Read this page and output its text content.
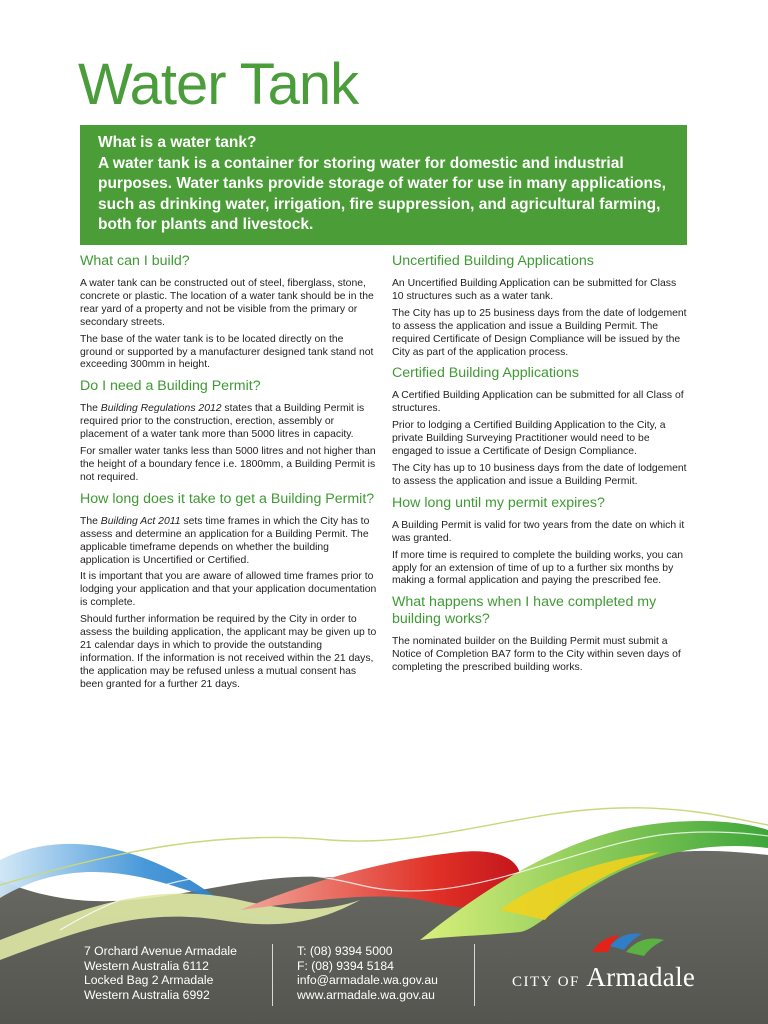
Water Tank

What is a water tank?

A water tank is a container for storing water for domestic and industrial purposes. Water tanks provide storage of water for use in many applications, such as drinking water, irrigation, fire suppression, and agricultural farming, both for plants and livestock.

What can I build?

A water tank can be constructed out of steel, fiberglass, stone, concrete or plastic. The location of a water tank should be in the rear yard of a property and not be visible from the primary or secondary streets.

The base of the water tank is to be located directly on the ground or supported by a manufacturer designed tank stand not exceeding 300mm in height.

Do I need a Building Permit?

The Building Regulations 2012 states that a Building Permit is required prior to the construction, erection, assembly or placement of a water tank more than 5000 litres in capacity.

For smaller water tanks less than 5000 litres and not higher than the height of a boundary fence i.e. 1800mm, a Building Permit is not required.

How long does it take to get a Building Permit?

The Building Act 2011 sets time frames in which the City has to assess and determine an application for a Building Permit. The applicable timeframe depends on whether the building application is Uncertified or Certified.

It is important that you are aware of allowed time frames prior to lodging your application and that your application documentation is complete.

Should further information be required by the City in order to assess the building application, the applicant may be given up to 21 calendar days in which to provide the outstanding information. If the information is not received within the 21 days, the application may be refused unless a mutual consent has been granted for a further 21 days.

Uncertified Building Applications

An Uncertified Building Application can be submitted for Class 10 structures such as a water tank.

The City has up to 25 business days from the date of lodgement to assess the application and issue a Building Permit. The required Certificate of Design Compliance will be issued by the City as part of the application process.

Certified Building Applications

A Certified Building Application can be submitted for all Class of structures.

Prior to lodging a Certified Building Application to the City, a private Building Surveying Practitioner would need to be engaged to issue a Certificate of Design Compliance.

The City has up to 10 business days from the date of lodgement to assess the application and issue a Building Permit.

How long until my permit expires?

A Building Permit is valid for two years from the date on which it was granted.

If more time is required to complete the building works, you can apply for an extension of time of up to a further six months by making a formal application and paying the prescribed fee.

What happens when I have completed my building works?

The nominated builder on the Building Permit must submit a Notice of Completion BA7 form to the City within seven days of completing the prescribed building works.

7 Orchard Avenue Armadale
Western Australia 6112
Locked Bag 2 Armadale
Western Australia 6992
T: (08) 9394 5000
F: (08) 9394 5184
info@armadale.wa.gov.au
www.armadale.wa.gov.au
CITY OF Armadale
